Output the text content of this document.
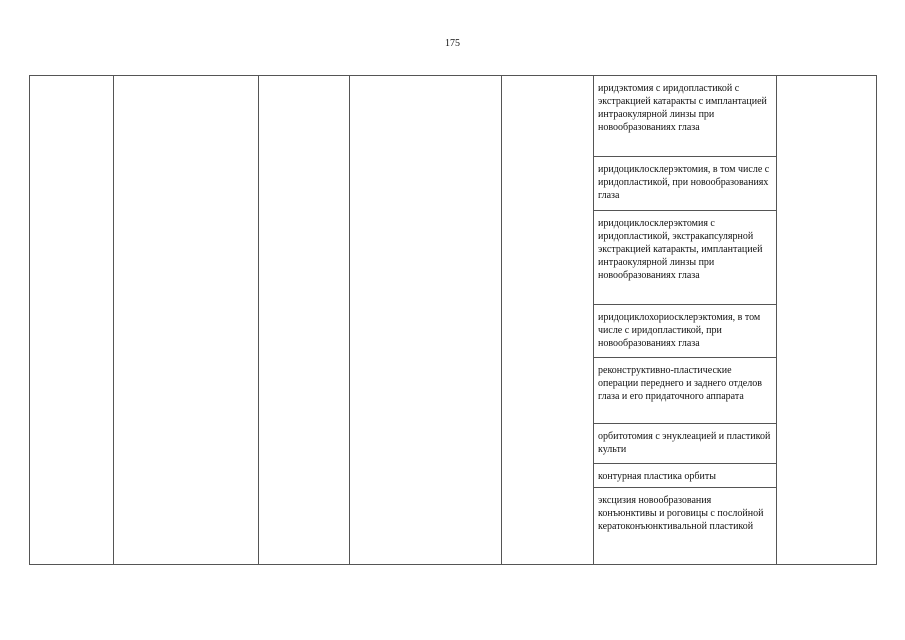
175

иридэктомия с иридопластикой с экстракцией катаракты с имплантацией интраокулярной линзы при новообразованиях глаза

иридоциклосклерэктомия, в том числе с иридопластикой, при новообразованиях глаза

иридоциклосклерэктомия с иридопластикой, экстракапсулярной экстракцией катаракты, имплантацией интраокулярной линзы при новообразованиях глаза

иридоциклохориосклерэктомия, в том числе с иридопластикой, при новообразованиях глаза

реконструктивно-пластические операции переднего и заднего отделов глаза и его придаточного аппарата

орбитотомия с энуклеацией и пластикой культи

контурная пластика орбиты

эксцизия новообразования конъюнктивы и роговицы с послойной кератоконъюнктивальной пластикой
